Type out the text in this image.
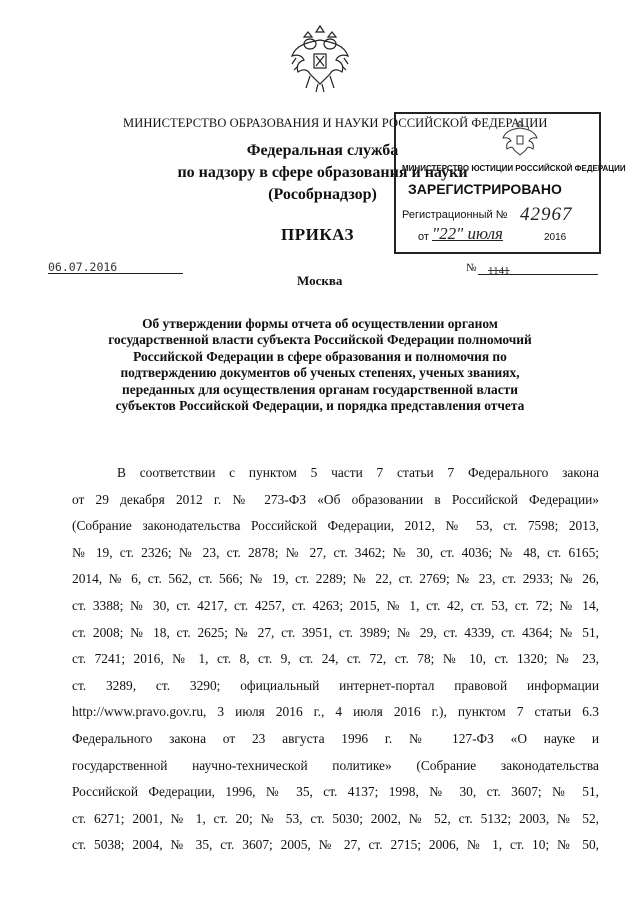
МИНИСТЕРСТВО ОБРАЗОВАНИЯ И НАУКИ РОССИЙСКОЙ ФЕДЕРАЦИИ
Федеральная служба
по надзору в сфере образования и науки
(Рособрнадзор)
МИНИСТЕРСТВО ЮСТИЦИИ РОССИЙСКОЙ ФЕДЕРАЦИИ
ЗАРЕГИСТРИРОВАНО
Регистрационный № 42967
от "22" июля	2016
ПРИКАЗ
06.07.2016
Москва
№ 1141
Об утверждении формы отчета об осуществлении органом
государственной власти субъекта Российской Федерации полномочий
Российской Федерации в сфере образования и полномочия по
подтверждению документов об ученых степенях, ученых званиях,
переданных для осуществления органам государственной власти
субъектов Российской Федерации, и порядка представления отчета
В соответствии с пунктом 5 части 7 статьи 7 Федерального закона
от 29 декабря 2012 г. № 273-ФЗ «Об образовании в Российской Федерации»
(Собрание законодательства Российской Федерации, 2012, № 53, ст. 7598; 2013,
№ 19, ст. 2326; № 23, ст. 2878; № 27, ст. 3462; № 30, ст. 4036; № 48, ст. 6165;
2014, № 6, ст. 562, ст. 566; № 19, ст. 2289; № 22, ст. 2769; № 23, ст. 2933; № 26,
ст. 3388; № 30, ст. 4217, ст. 4257, ст. 4263; 2015, № 1, ст. 42, ст. 53, ст. 72; № 14,
ст. 2008; № 18, ст. 2625; № 27, ст. 3951, ст. 3989; № 29, ст. 4339, ст. 4364; № 51,
ст. 7241; 2016, № 1, ст. 8, ст. 9, ст. 24, ст. 72, ст. 78; № 10, ст. 1320; № 23,
ст. 3289, ст. 3290; официальный интернет-портал правовой информации
http://www.pravo.gov.ru, 3 июля 2016 г., 4 июля 2016 г.), пунктом 7 статьи 6.3
Федерального закона от 23 августа 1996 г. № 127-ФЗ «О науке и
государственной научно-технической политике» (Собрание законодательства
Российской Федерации, 1996, № 35, ст. 4137; 1998, № 30, ст. 3607; № 51,
ст. 6271; 2001, № 1, ст. 20; № 53, ст. 5030; 2002, № 52, ст. 5132; 2003, № 52,
ст. 5038; 2004, № 35, ст. 3607; 2005, № 27, ст. 2715; 2006, № 1, ст. 10; № 50,
